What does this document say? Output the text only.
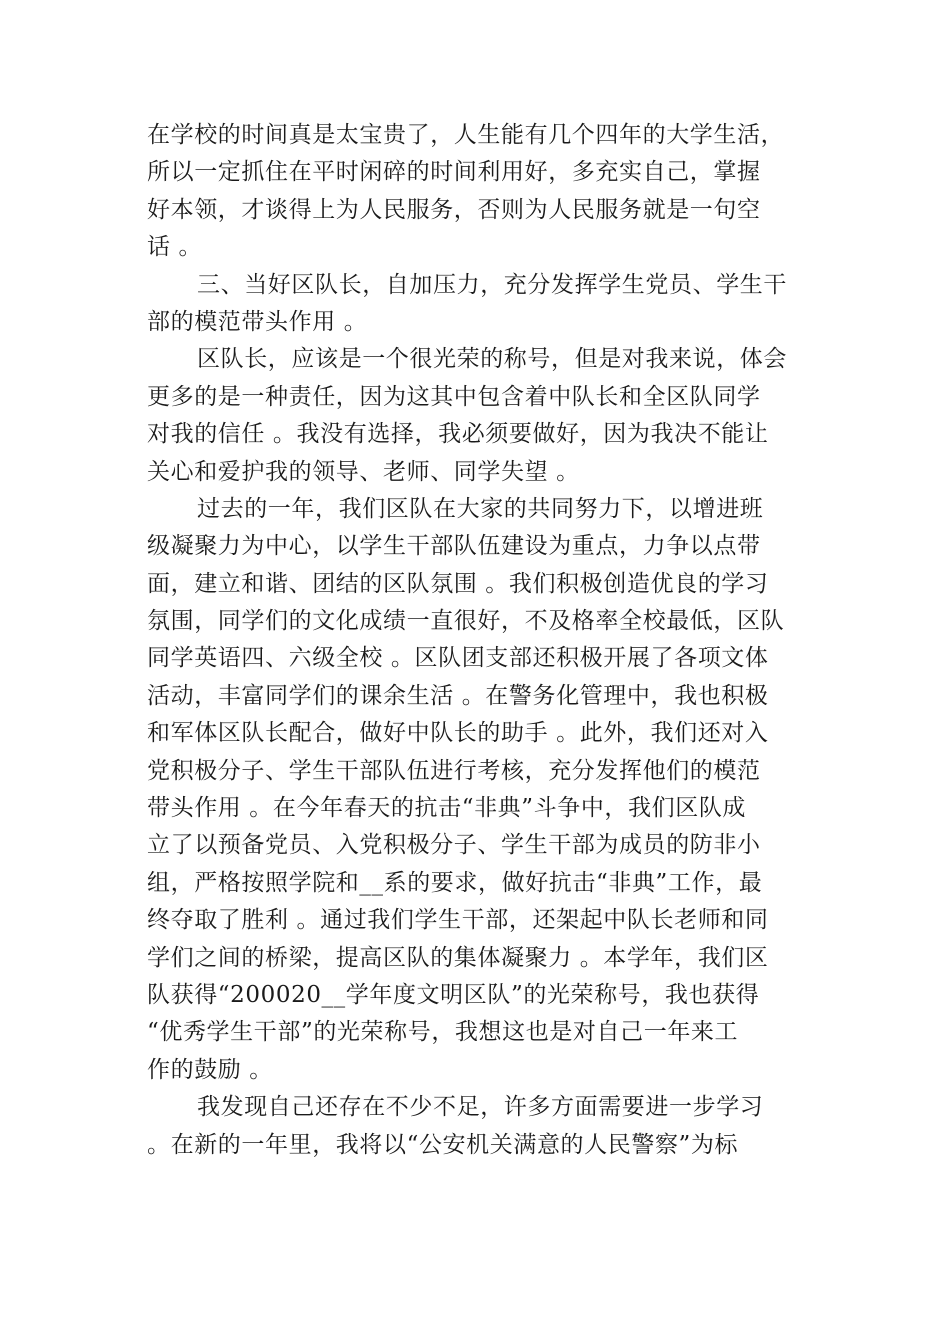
在学校的时间真是太宝贵了，人生能有几个四年的大学生活，
所以一定抓住在平时闲碎的时间利用好，多充实自己，掌握
好本领，才谈得上为人民服务，否则为人民服务就是一句空
话 。
三、当好区队长，自加压力，充分发挥学生党员、学生干
部的模范带头作用 。
区队长，应该是一个很光荣的称号，但是对我来说，体会
更多的是一种责任，因为这其中包含着中队长和全区队同学
对我的信任 。我没有选择，我必须要做好，因为我决不能让
关心和爱护我的领导、老师、同学失望 。
过去的一年，我们区队在大家的共同努力下，以增进班
级凝聚力为中心，以学生干部队伍建设为重点，力争以点带
面，建立和谐、团结的区队氛围 。我们积极创造优良的学习
氛围，同学们的文化成绩一直很好，不及格率全校最低，区队
同学英语四、六级全校 。区队团支部还积极开展了各项文体
活动，丰富同学们的课余生活 。在警务化管理中，我也积极
和军体区队长配合，做好中队长的助手 。此外，我们还对入
党积极分子、学生干部队伍进行考核，充分发挥他们的模范
带头作用 。在今年春天的抗击“非典”斗争中，我们区队成
立了以预备党员、入党积极分子、学生干部为成员的防非小
组，严格按照学院和__系的要求，做好抗击“非典”工作，最
终夺取了胜利 。通过我们学生干部，还架起中队长老师和同
学们之间的桥梁，提高区队的集体凝聚力 。本学年，我们区
队获得“200020__学年度文明区队”的光荣称号，我也获得
“优秀学生干部”的光荣称号，我想这也是对自己一年来工
作的鼓励 。
我发现自己还存在不少不足，许多方面需要进一步学习
。在新的一年里，我将以“公安机关满意的人民警察”为标
